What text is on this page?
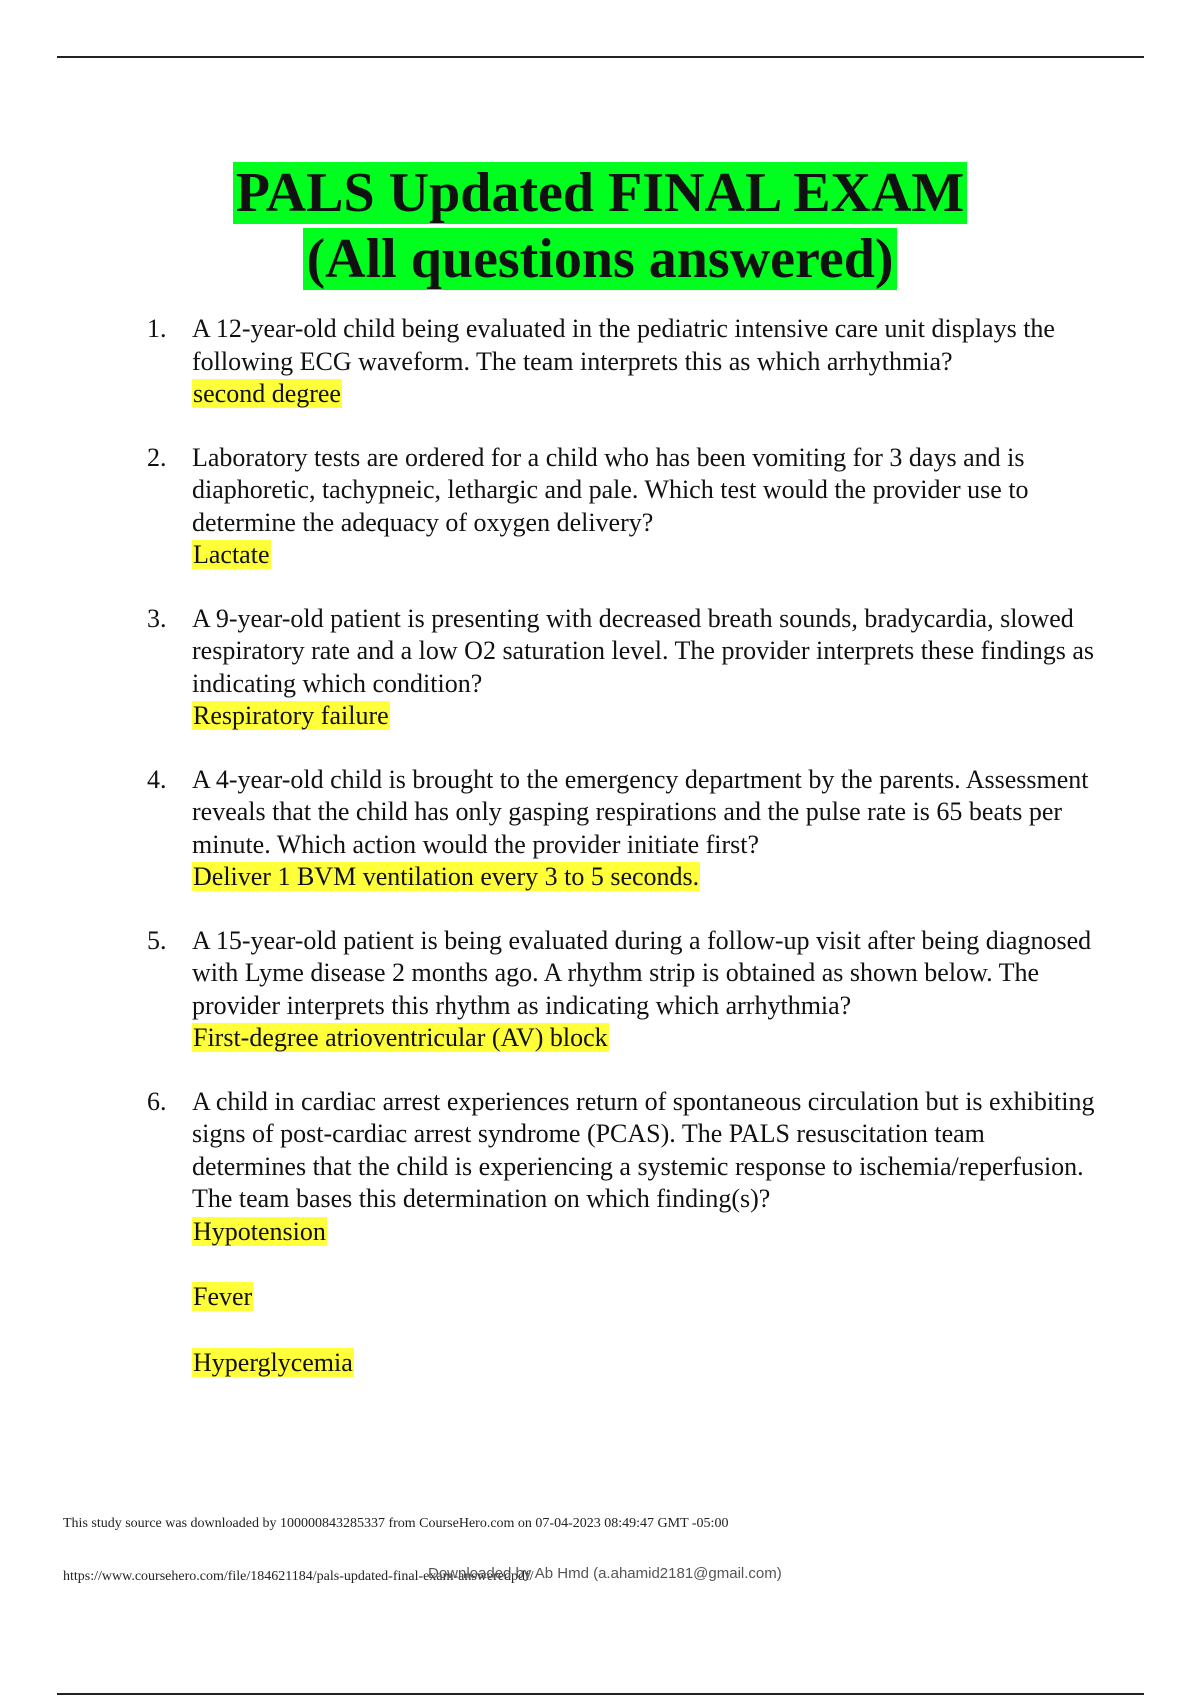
PALS Updated FINAL EXAM
(All questions answered)
1. A 12-year-old child being evaluated in the pediatric intensive care unit displays the following ECG waveform. The team interprets this as which arrhythmia?
second degree
2. Laboratory tests are ordered for a child who has been vomiting for 3 days and is diaphoretic, tachypneic, lethargic and pale. Which test would the provider use to determine the adequacy of oxygen delivery?
Lactate
3. A 9-year-old patient is presenting with decreased breath sounds, bradycardia, slowed respiratory rate and a low O2 saturation level. The provider interprets these findings as indicating which condition?
Respiratory failure
4. A 4-year-old child is brought to the emergency department by the parents. Assessment reveals that the child has only gasping respirations and the pulse rate is 65 beats per minute. Which action would the provider initiate first?
Deliver 1 BVM ventilation every 3 to 5 seconds.
5. A 15-year-old patient is being evaluated during a follow-up visit after being diagnosed with Lyme disease 2 months ago. A rhythm strip is obtained as shown below. The provider interprets this rhythm as indicating which arrhythmia?
First-degree atrioventricular (AV) block
6. A child in cardiac arrest experiences return of spontaneous circulation but is exhibiting signs of post-cardiac arrest syndrome (PCAS). The PALS resuscitation team determines that the child is experiencing a systemic response to ischemia/reperfusion. The team bases this determination on which finding(s)?
Hypotension
Fever
Hyperglycemia
This study source was downloaded by 100000843285337 from CourseHero.com on 07-04-2023 08:49:47 GMT -05:00
https://www.coursehero.com/file/184621184/pals-updated-final-exam-answeredpdf/
Downloaded by Ab Hmd (a.ahamid2181@gmail.com)
